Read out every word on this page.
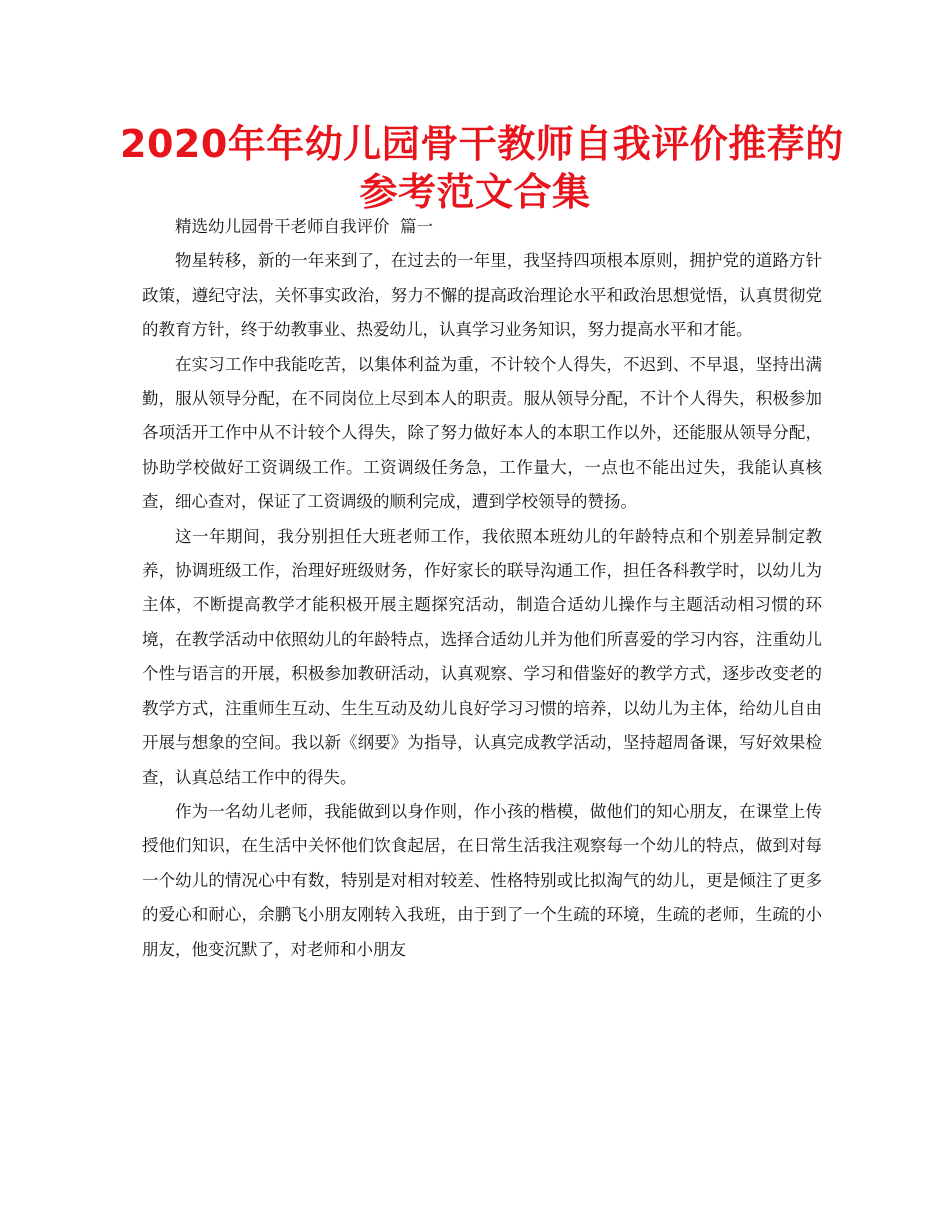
2020年年幼儿园骨干教师自我评价推荐的
参考范文合集

精选幼儿园骨干老师自我评价  篇一

物星转移，新的一年来到了，在过去的一年里，我坚持四项根本原则，拥护党的道路方针政策，遵纪守法，关怀事实政治，努力不懈的提高政治理论水平和政治思想觉悟，认真贯彻党的教育方针，终于幼教事业、热爱幼儿，认真学习业务知识，努力提高水平和才能。

在实习工作中我能吃苦，以集体利益为重，不计较个人得失，不迟到、不早退，坚持出满勤，服从领导分配，在不同岗位上尽到本人的职责。服从领导分配，不计个人得失，积极参加各项活开工作中从不计较个人得失，除了努力做好本人的本职工作以外，还能服从领导分配，协助学校做好工资调级工作。工资调级任务急，工作量大，一点也不能出过失，我能认真核查，细心查对，保证了工资调级的顺利完成，遭到学校领导的赞扬。

这一年期间，我分别担任大班老师工作，我依照本班幼儿的年龄特点和个别差异制定教养，协调班级工作，治理好班级财务，作好家长的联导沟通工作，担任各科教学时，以幼儿为主体，不断提高教学才能积极开展主题探究活动，制造合适幼儿操作与主题活动相习惯的环境，在教学活动中依照幼儿的年龄特点，选择合适幼儿并为他们所喜爱的学习内容，注重幼儿个性与语言的开展，积极参加教研活动，认真观察、学习和借鉴好的教学方式，逐步改变老的教学方式，注重师生互动、生生互动及幼儿良好学习习惯的培养，以幼儿为主体，给幼儿自由开展与想象的空间。我以新《纲要》为指导，认真完成教学活动，坚持超周备课，写好效果检查，认真总结工作中的得失。

作为一名幼儿老师，我能做到以身作则，作小孩的楷模，做他们的知心朋友，在课堂上传授他们知识，在生活中关怀他们饮食起居，在日常生活我注观察每一个幼儿的特点，做到对每一个幼儿的情况心中有数，特别是对相对较差、性格特别或比拟淘气的幼儿，更是倾注了更多的爱心和耐心，余鹏飞小朋友刚转入我班，由于到了一个生疏的环境，生疏的老师，生疏的小朋友，他变沉默了，对老师和小朋友
